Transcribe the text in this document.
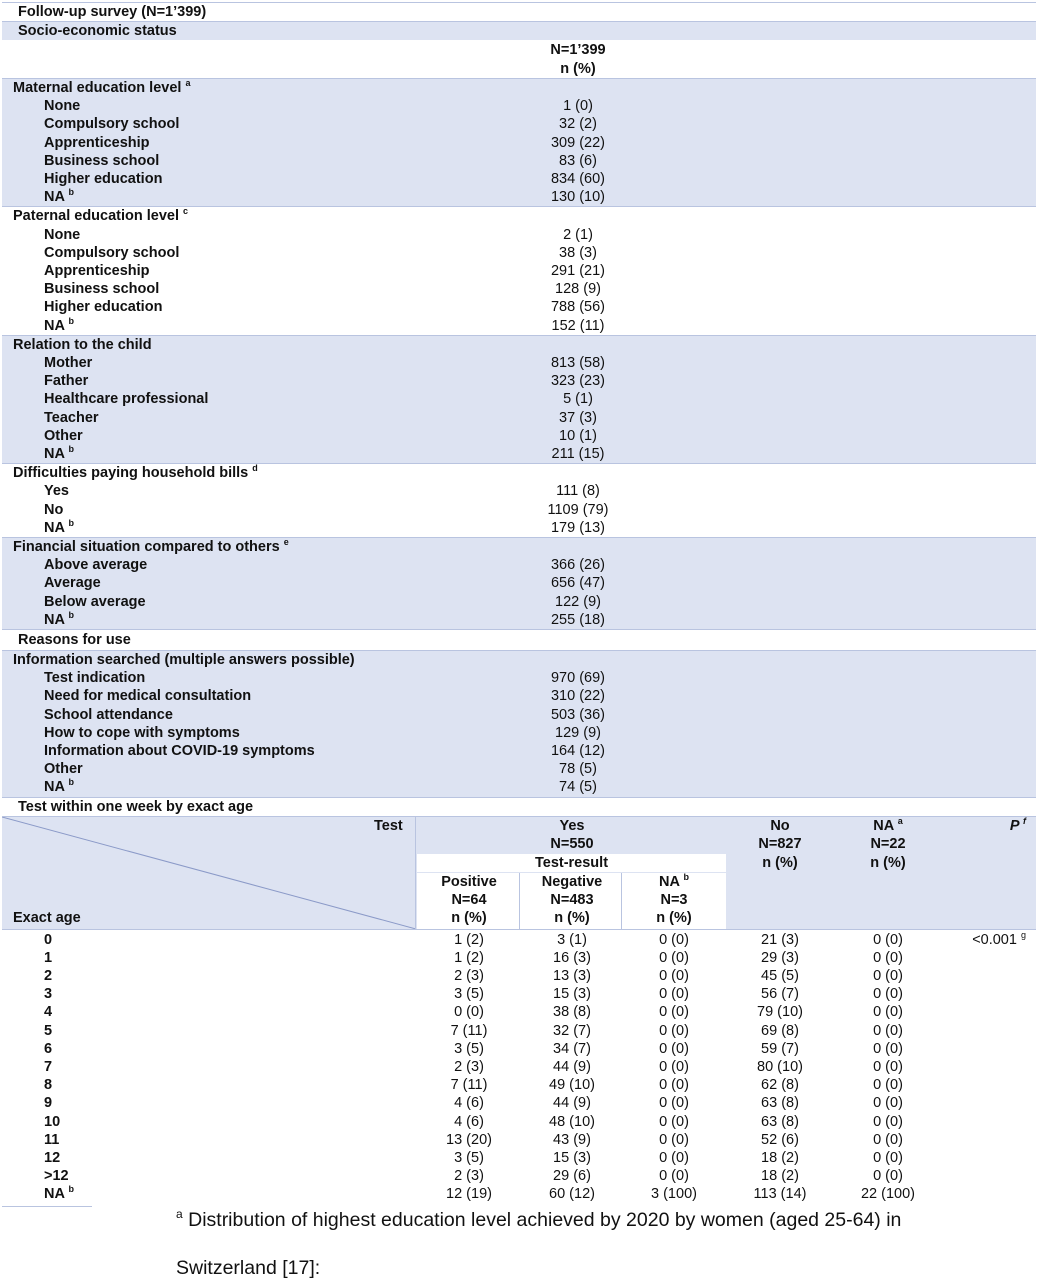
Follow-up survey (N=1’399)
Socio-economic status
N=1’399
n (%)
Maternal education level $^a$
None	1 (0)
Compulsory school	32 (2)
Apprenticeship	309 (22)
Business school	83 (6)
Higher education	834 (60)
NA $^b$	130 (10)
Paternal education level $^c$
None	2 (1)
Compulsory school	38 (3)
Apprenticeship	291 (21)
Business school	128 (9)
Higher education	788 (56)
NA $^b$	152 (11)
Relation to the child
Mother	813 (58)
Father	323 (23)
Healthcare professional	5 (1)
Teacher	37 (3)
Other	10 (1)
NA $^b$	211 (15)
Difficulties paying household bills $^d$
Yes	111 (8)
No	1109 (79)
NA $^b$	179 (13)
Financial situation compared to others $^e$
Above average	366 (26)
Average	656 (47)
Below average	122 (9)
NA $^b$	255 (18)
Reasons for use
Information searched (multiple answers possible)
Test indication	970 (69)
Need for medical consultation	310 (22)
School attendance	503 (36)
How to cope with symptoms	129 (9)
Information about COVID-19 symptoms	164 (12)
Other	78 (5)
NA $^b$	74 (5)
Test within one week by exact age
Test
Exact age
Yes
N=550
Test-result
Positive
N=64
n (%)
Negative
N=483
n (%)
NA $^b$
N=3
n (%)
No
N=827
n (%)
NA $^a$
N=22
n (%)
P $^f$
0	1 (2)	3 (1)	0 (0)	21 (3)	0 (0)	<0.001 $^g$
1	1 (2)	16 (3)	0 (0)	29 (3)	0 (0)
2	2 (3)	13 (3)	0 (0)	45 (5)	0 (0)
3	3 (5)	15 (3)	0 (0)	56 (7)	0 (0)
4	0 (0)	38 (8)	0 (0)	79 (10)	0 (0)
5	7 (11)	32 (7)	0 (0)	69 (8)	0 (0)
6	3 (5)	34 (7)	0 (0)	59 (7)	0 (0)
7	2 (3)	44 (9)	0 (0)	80 (10)	0 (0)
8	7 (11)	49 (10)	0 (0)	62 (8)	0 (0)
9	4 (6)	44 (9)	0 (0)	63 (8)	0 (0)
10	4 (6)	48 (10)	0 (0)	63 (8)	0 (0)
11	13 (20)	43 (9)	0 (0)	52 (6)	0 (0)
12	3 (5)	15 (3)	0 (0)	18 (2)	0 (0)
>12	2 (3)	29 (6)	0 (0)	18 (2)	0 (0)
NA $^b$	12 (19)	60 (12)	3 (100)	113 (14)	22 (100)
$^a$ Distribution of highest education level achieved by 2020 by women (aged 25-64) in
Switzerland [17]:
